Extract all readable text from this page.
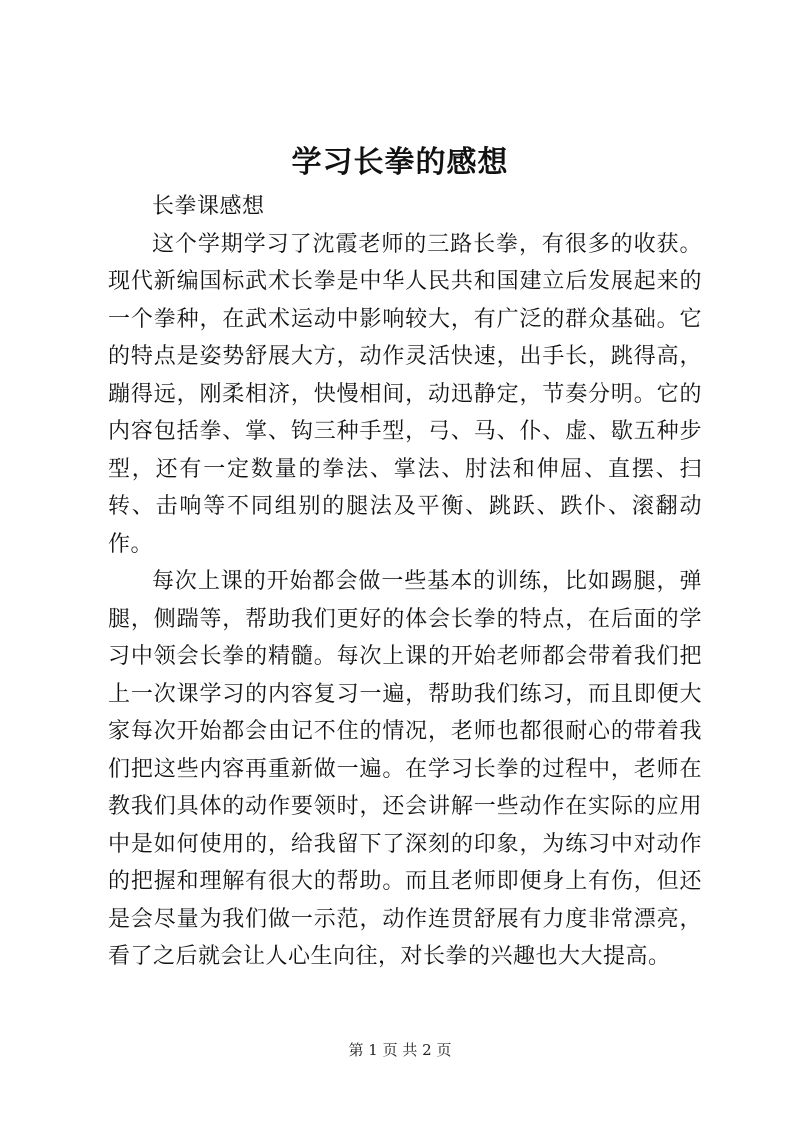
学习长拳的感想

长拳课感想

这个学期学习了沈霞老师的三路长拳，有很多的收获。现代新编国标武术长拳是中华人民共和国建立后发展起来的一个拳种，在武术运动中影响较大，有广泛的群众基础。它的特点是姿势舒展大方，动作灵活快速，出手长，跳得高，蹦得远，刚柔相济，快慢相间，动迅静定，节奏分明。它的内容包括拳、掌、钩三种手型，弓、马、仆、虚、歇五种步型，还有一定数量的拳法、掌法、肘法和伸屈、直摆、扫转、击响等不同组别的腿法及平衡、跳跃、跌仆、滚翻动作。

每次上课的开始都会做一些基本的训练，比如踢腿，弹腿，侧踹等，帮助我们更好的体会长拳的特点，在后面的学习中领会长拳的精髓。每次上课的开始老师都会带着我们把上一次课学习的内容复习一遍，帮助我们练习，而且即便大家每次开始都会由记不住的情况，老师也都很耐心的带着我们把这些内容再重新做一遍。在学习长拳的过程中，老师在教我们具体的动作要领时，还会讲解一些动作在实际的应用中是如何使用的，给我留下了深刻的印象，为练习中对动作的把握和理解有很大的帮助。而且老师即便身上有伤，但还是会尽量为我们做一示范，动作连贯舒展有力度非常漂亮，看了之后就会让人心生向往，对长拳的兴趣也大大提高。

第 1 页 共 2 页
